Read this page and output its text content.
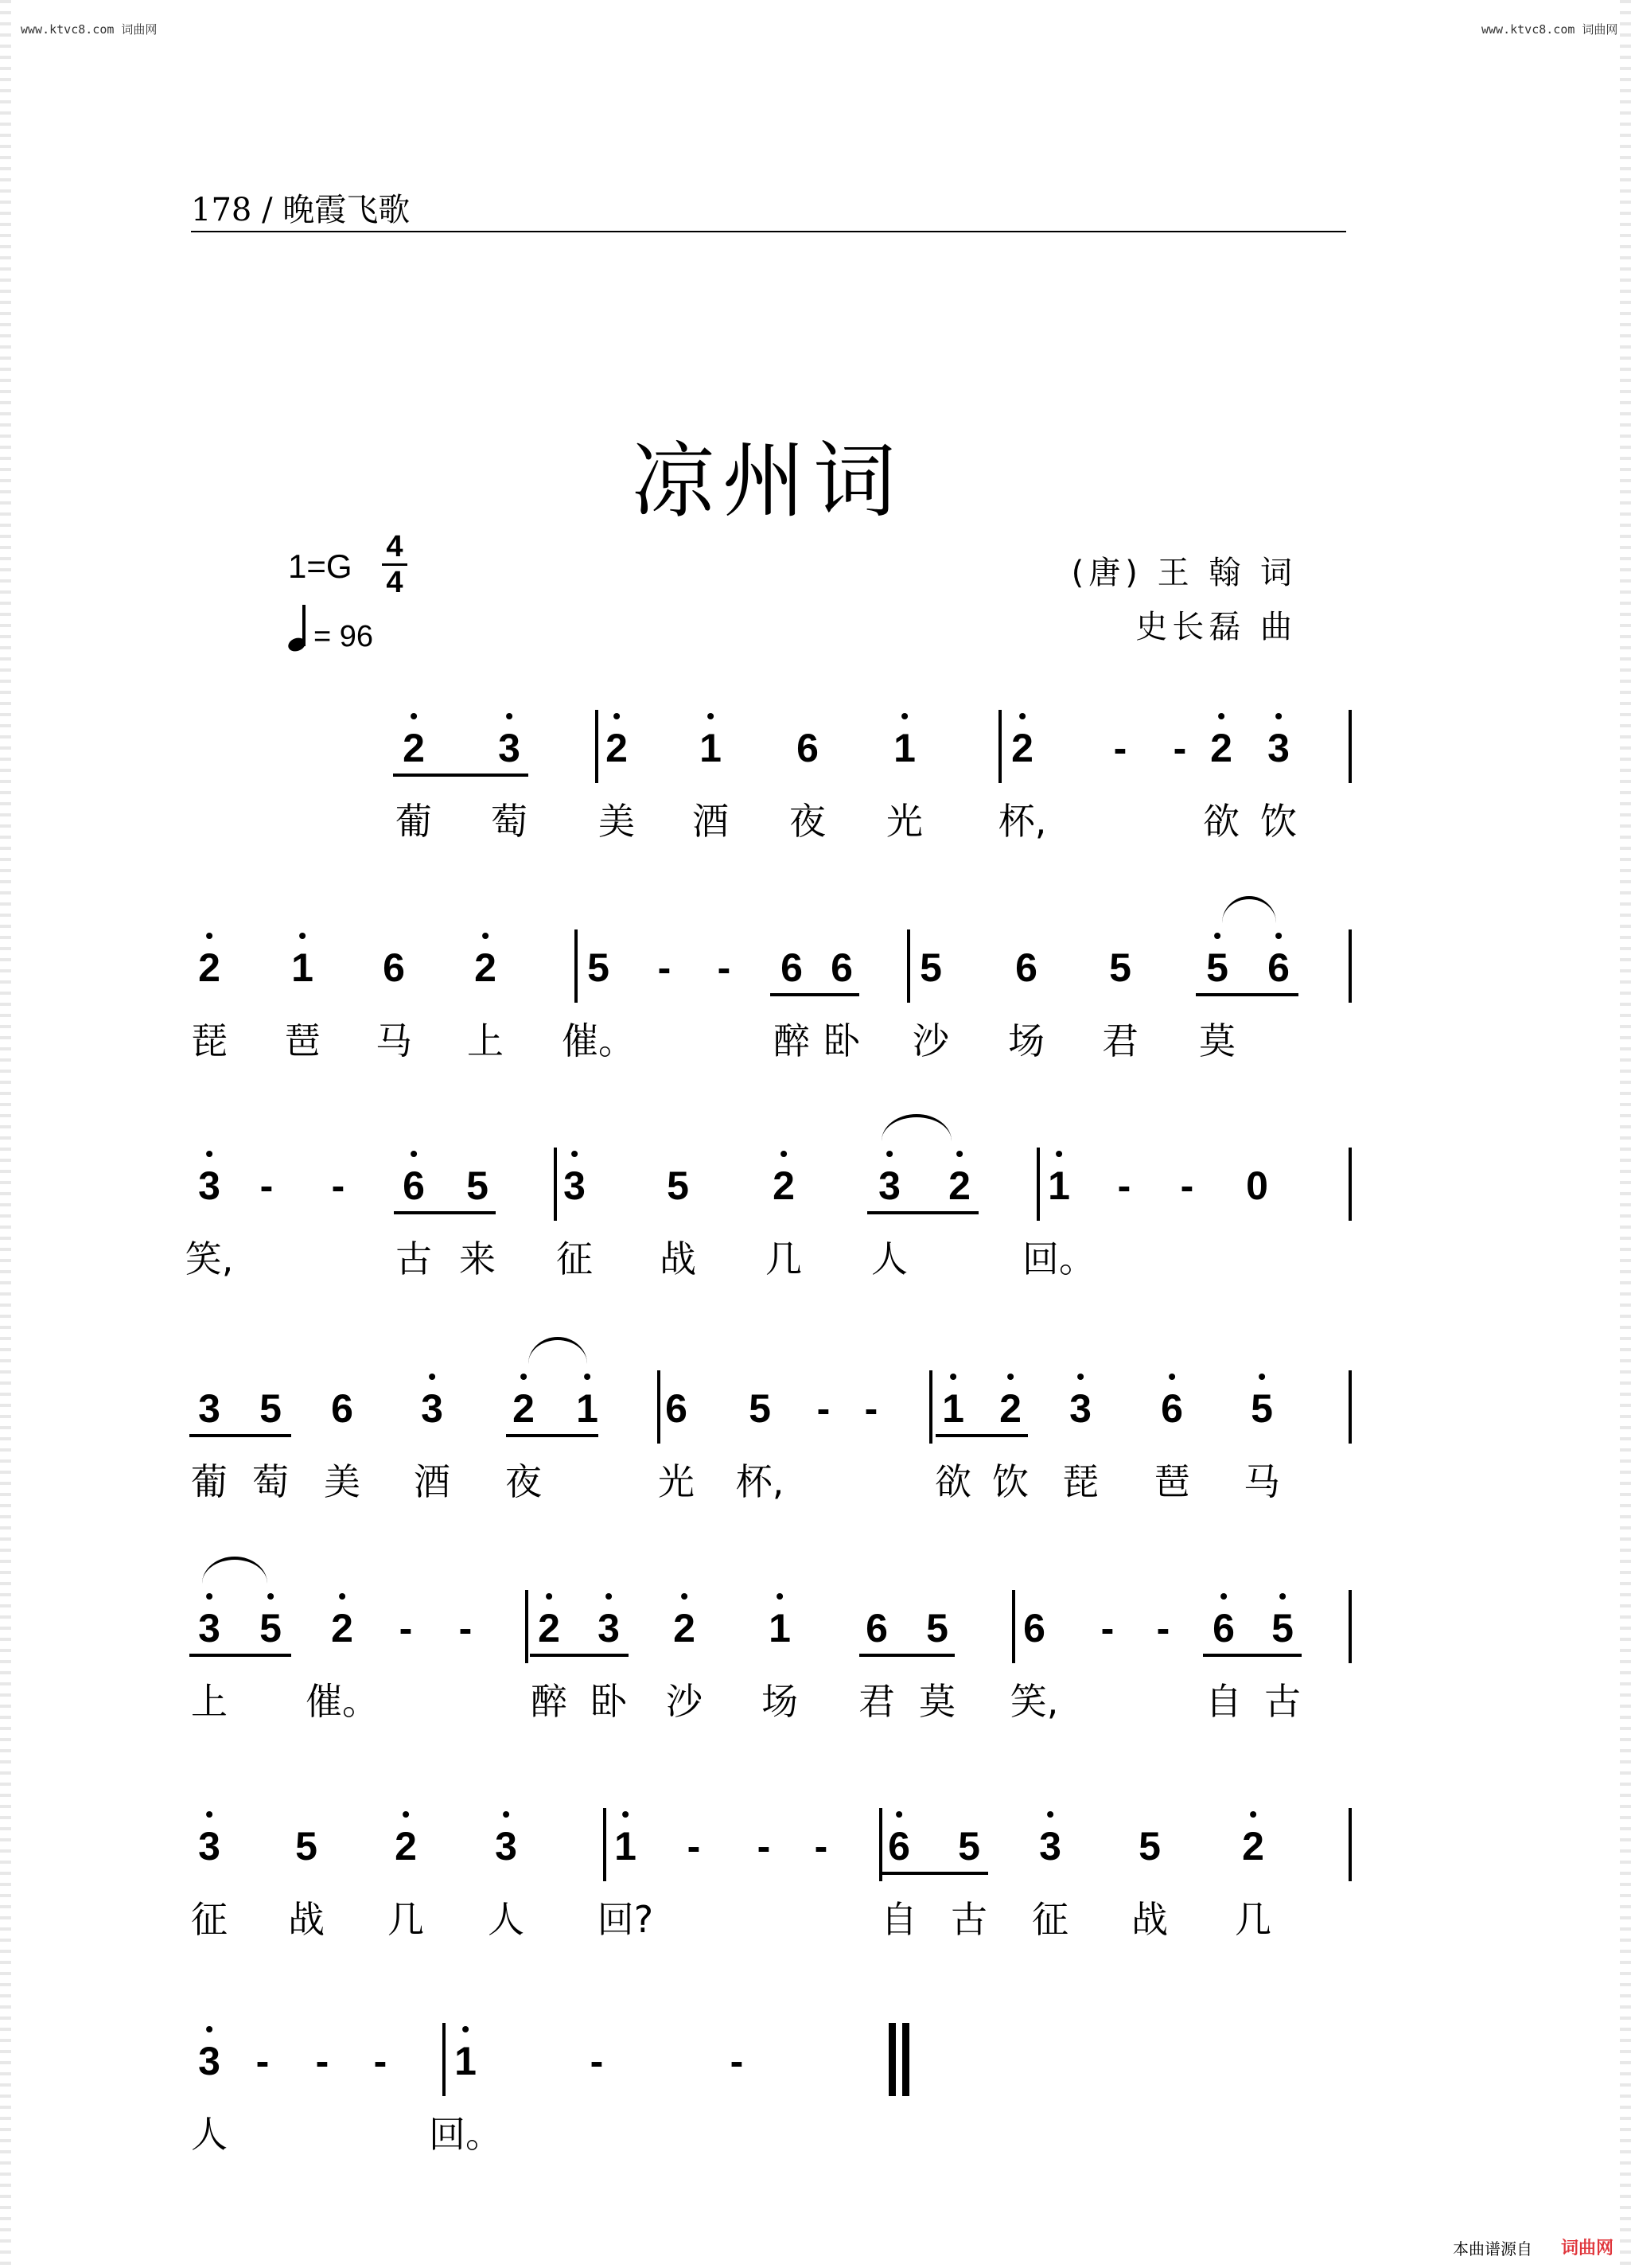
www.ktvc8.com 词曲网	www.ktvc8.com 词曲网
178 / 晚霞飞歌
凉州词
1=G
4
4
= 96
(唐) 王 翰 词
史长磊 曲
2 3 2 1 6 1 2 - - 2 3
葡 萄 美 酒 夜 光 杯,	欲 饮
2 1 6 2 5 - - 6 6 5 6 5 5 6
琵 琶 马 上 催。	醉 卧 沙 场 君 莫
3 - - 6 5 3 5 2 3 2 1 - - 0
笑,	古 来 征 战 几 人	回。
3 5 6 3 2 1 6 5 - - 1 2 3 6 5
葡 萄 美 酒 夜	光 杯,	欲 饮 琵 琶 马
3 5 2 - - 2 3 2 1 6 5 6 - - 6 5
上 催。	醉 卧 沙 场 君 莫 笑,	自 古
3 5 2 3 1 - - - 6 5 3 5 2
征 战 几 人 回?	自 古 征 战 几
3 - - - 1	-	-
人	回。
本曲谱源自 词曲网
